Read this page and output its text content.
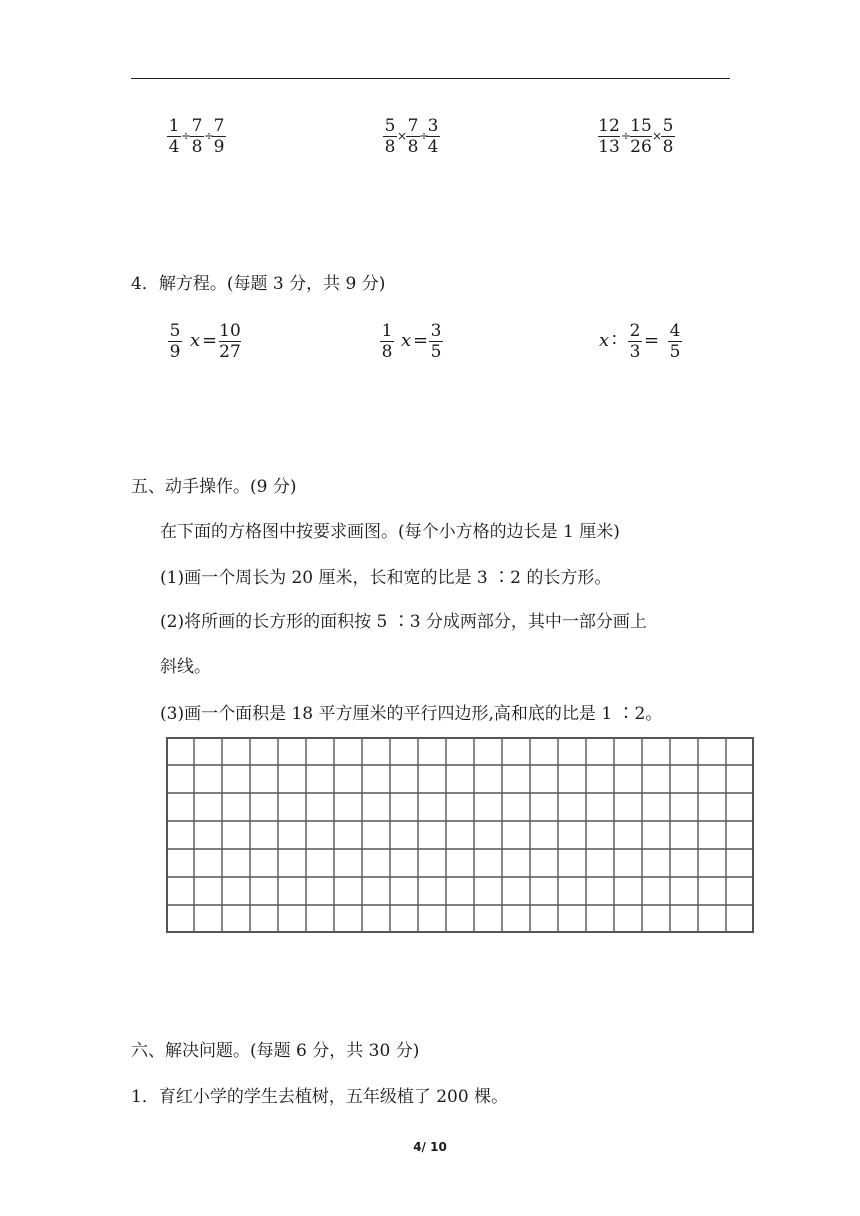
1
4
÷ 7
8
÷ 7
9
5
8
× 7
8
÷
3
4
12
13
÷ 15
26
× 5
8
4．解方程。(每题 3 分，共 9 分)
5
9
x = 10
27
1
8
x = 3
5
x ∶ 2
3
= 4
5
五、动手操作。(9 分)
在下面的方格图中按要求画图。(每个小方格的边长是 1 厘米)
(1)画一个周长为 20 厘米，长和宽的比是 3 ∶2 的长方形。
(2)将所画的长方形的面积按 5 ∶3 分成两部分，其中一部分画上
斜线。
(3)画一个面积是 18 平方厘米的平行四边形,高和底的比是 1 ∶2。
六、解决问题。(每题 6 分，共 30 分)
1．育红小学的学生去植树，五年级植了 200 棵。
4/ 10
